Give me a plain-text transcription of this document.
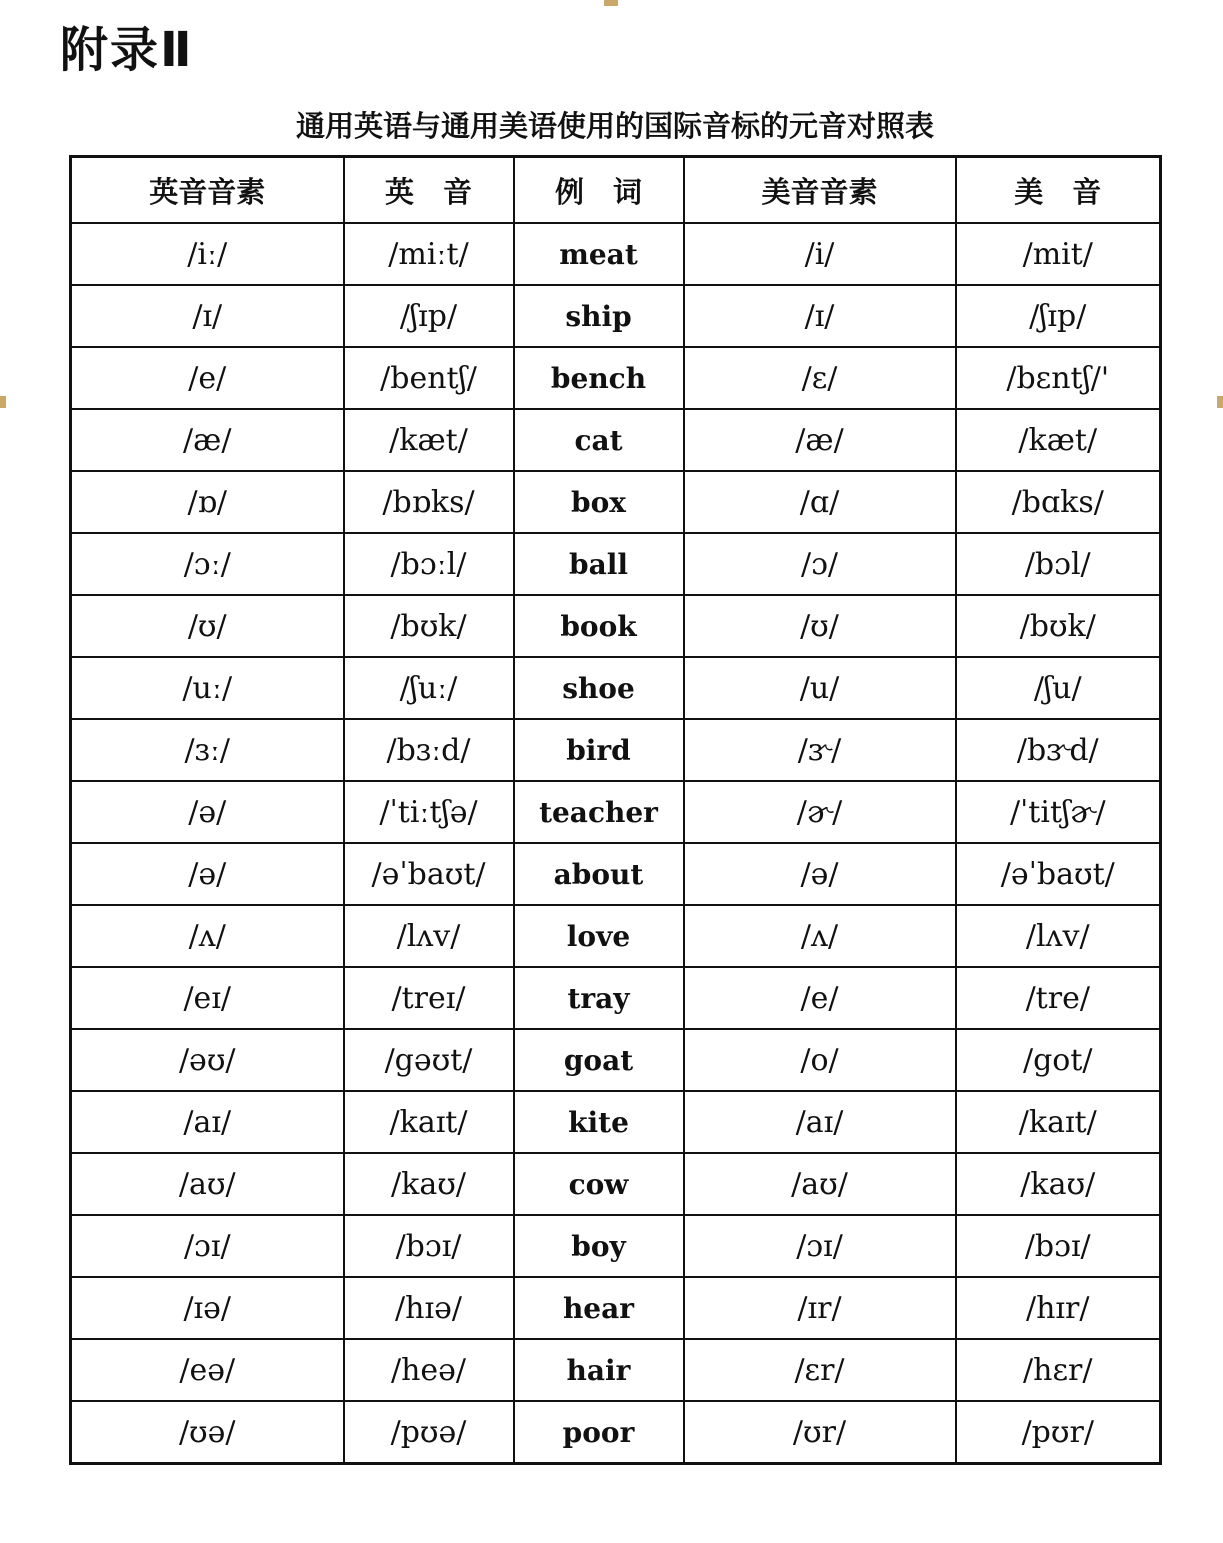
附录Ⅱ
通用英语与通用美语使用的国际音标的元音对照表
英音音素	英　音	例　词	美音音素	美　音
/iː/	/miːt/	meat	/i/	/mit/
/ɪ/	/ʃɪp/	ship	/ɪ/	/ʃɪp/
/e/	/bentʃ/	bench	/ɛ/	/bɛntʃ/'
/æ/	/kæt/	cat	/æ/	/kæt/
/ɒ/	/bɒks/	box	/ɑ/	/bɑks/
/ɔː/	/bɔːl/	ball	/ɔ/	/bɔl/
/ʊ/	/bʊk/	book	/ʊ/	/bʊk/
/uː/	/ʃuː/	shoe	/u/	/ʃu/
/ɜː/	/bɜːd/	bird	/ɝ/	/bɝd/
/ə/	/ˈtiːtʃə/	teacher	/ɚ/	/ˈtitʃɚ/
/ə/	/əˈbaʊt/	about	/ə/	/əˈbaʊt/
/ʌ/	/lʌv/	love	/ʌ/	/lʌv/
/eɪ/	/treɪ/	tray	/e/	/tre/
/əʊ/	/gəʊt/	goat	/o/	/got/
/aɪ/	/kaɪt/	kite	/aɪ/	/kaɪt/
/aʊ/	/kaʊ/	cow	/aʊ/	/kaʊ/
/ɔɪ/	/bɔɪ/	boy	/ɔɪ/	/bɔɪ/
/ɪə/	/hɪə/	hear	/ɪr/	/hɪr/
/eə/	/heə/	hair	/ɛr/	/hɛr/
/ʊə/	/pʊə/	poor	/ʊr/	/pʊr/
